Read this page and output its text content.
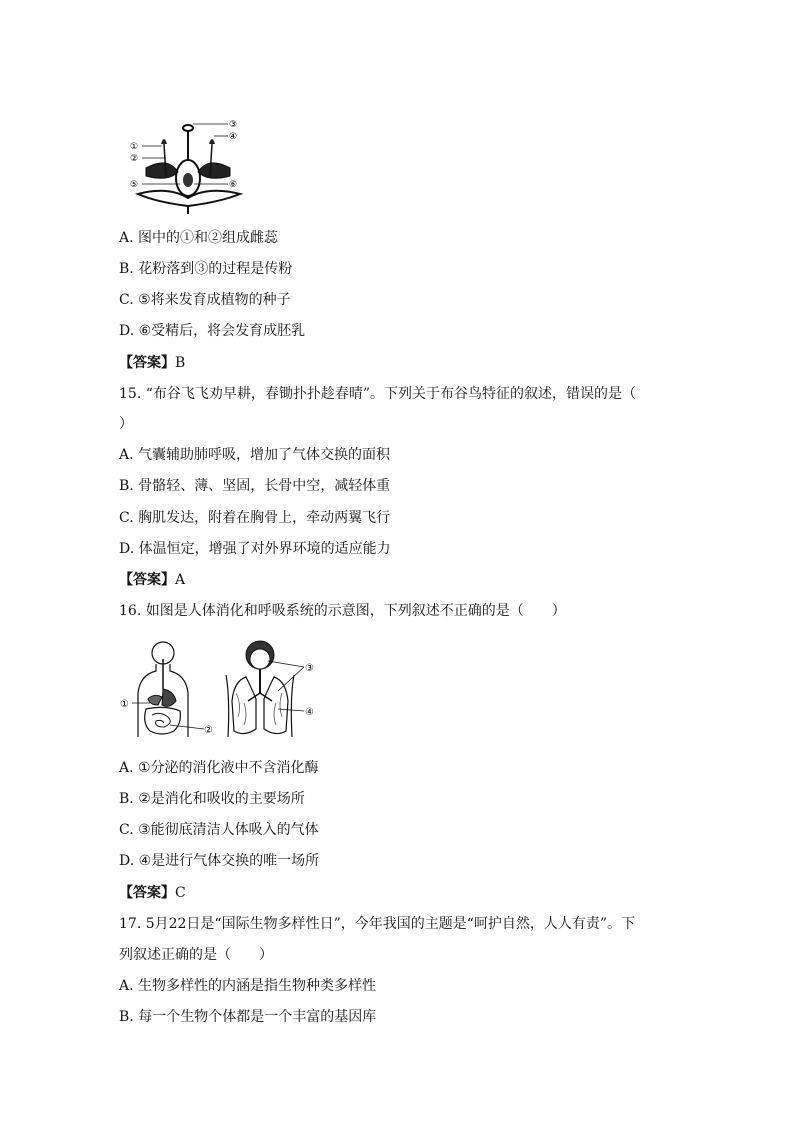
①
②
③
④
⑤	⑥
A. 图中的①和②组成雌蕊
B. 花粉落到③的过程是传粉
C. ⑤将来发育成植物的种子
D. ⑥受精后，将会发育成胚乳
【答案】B
15. “布谷飞飞劝早耕，春锄扑扑趁春晴”。下列关于布谷鸟特征的叙述，错误的是（
）
A. 气囊辅助肺呼吸，增加了气体交换的面积
B. 骨骼轻、薄、坚固，长骨中空，减轻体重
C. 胸肌发达，附着在胸骨上，牵动两翼飞行
D. 体温恒定，增强了对外界环境的适应能力
【答案】A
16. 如图是人体消化和呼吸系统的示意图，下列叙述不正确的是（　　）
①
②
③
④
A. ①分泌的消化液中不含消化酶
B. ②是消化和吸收的主要场所
C. ③能彻底清洁人体吸入的气体
D. ④是进行气体交换的唯一场所
【答案】C
17. 5月22日是“国际生物多样性日”，今年我国的主题是“呵护自然，人人有责”。下
列叙述正确的是（　　）
A. 生物多样性的内涵是指生物种类多样性
B. 每一个生物个体都是一个丰富的基因库
